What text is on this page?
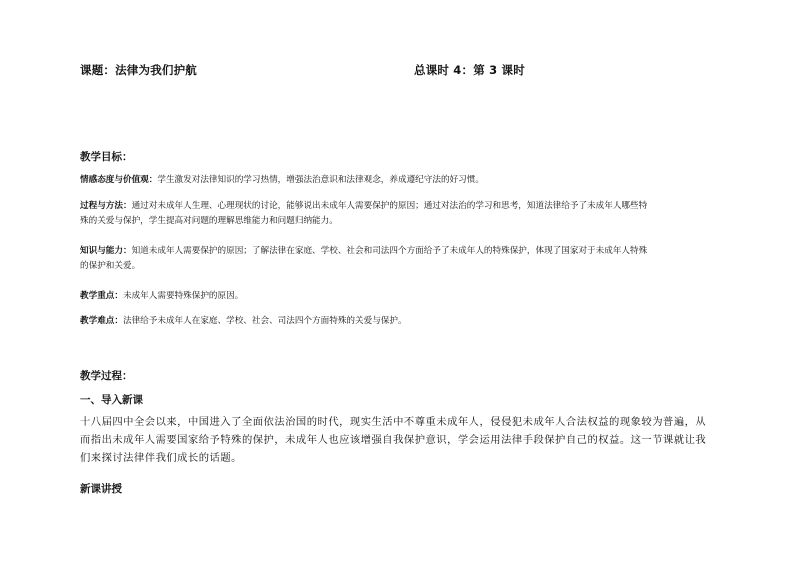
课题：法律为我们护航	总课时 4：第 3 课时
教学目标：
情感态度与价值观：学生激发对法律知识的学习热情，增强法治意识和法律观念，养成遵纪守法的好习惯。
过程与方法：通过对未成年人生理、心理现状的讨论，能够说出未成年人需要保护的原因；通过对法治的学习和思考，知道法律给予了未成年人哪些特
殊的关爱与保护，学生提高对问题的理解思维能力和问题归纳能力。
知识与能力：知道未成年人需要保护的原因；了解法律在家庭、学校、社会和司法四个方面给予了未成年人的特殊保护，体现了国家对于未成年人特殊
的保护和关爱。
教学重点：未成年人需要特殊保护的原因。
教学难点：法律给予未成年人在家庭、学校、社会、司法四个方面特殊的关爱与保护。
教学过程：
一、导入新课
十八届四中全会以来，中国进入了全面依法治国的时代，现实生活中不尊重未成年人，侵侵犯未成年人合法权益的现象较为普遍，从
而指出未成年人需要国家给予特殊的保护，未成年人也应该增强自我保护意识，学会运用法律手段保护自己的权益。这一节课就让我
们来探讨法律伴我们成长的话题。
新课讲授
